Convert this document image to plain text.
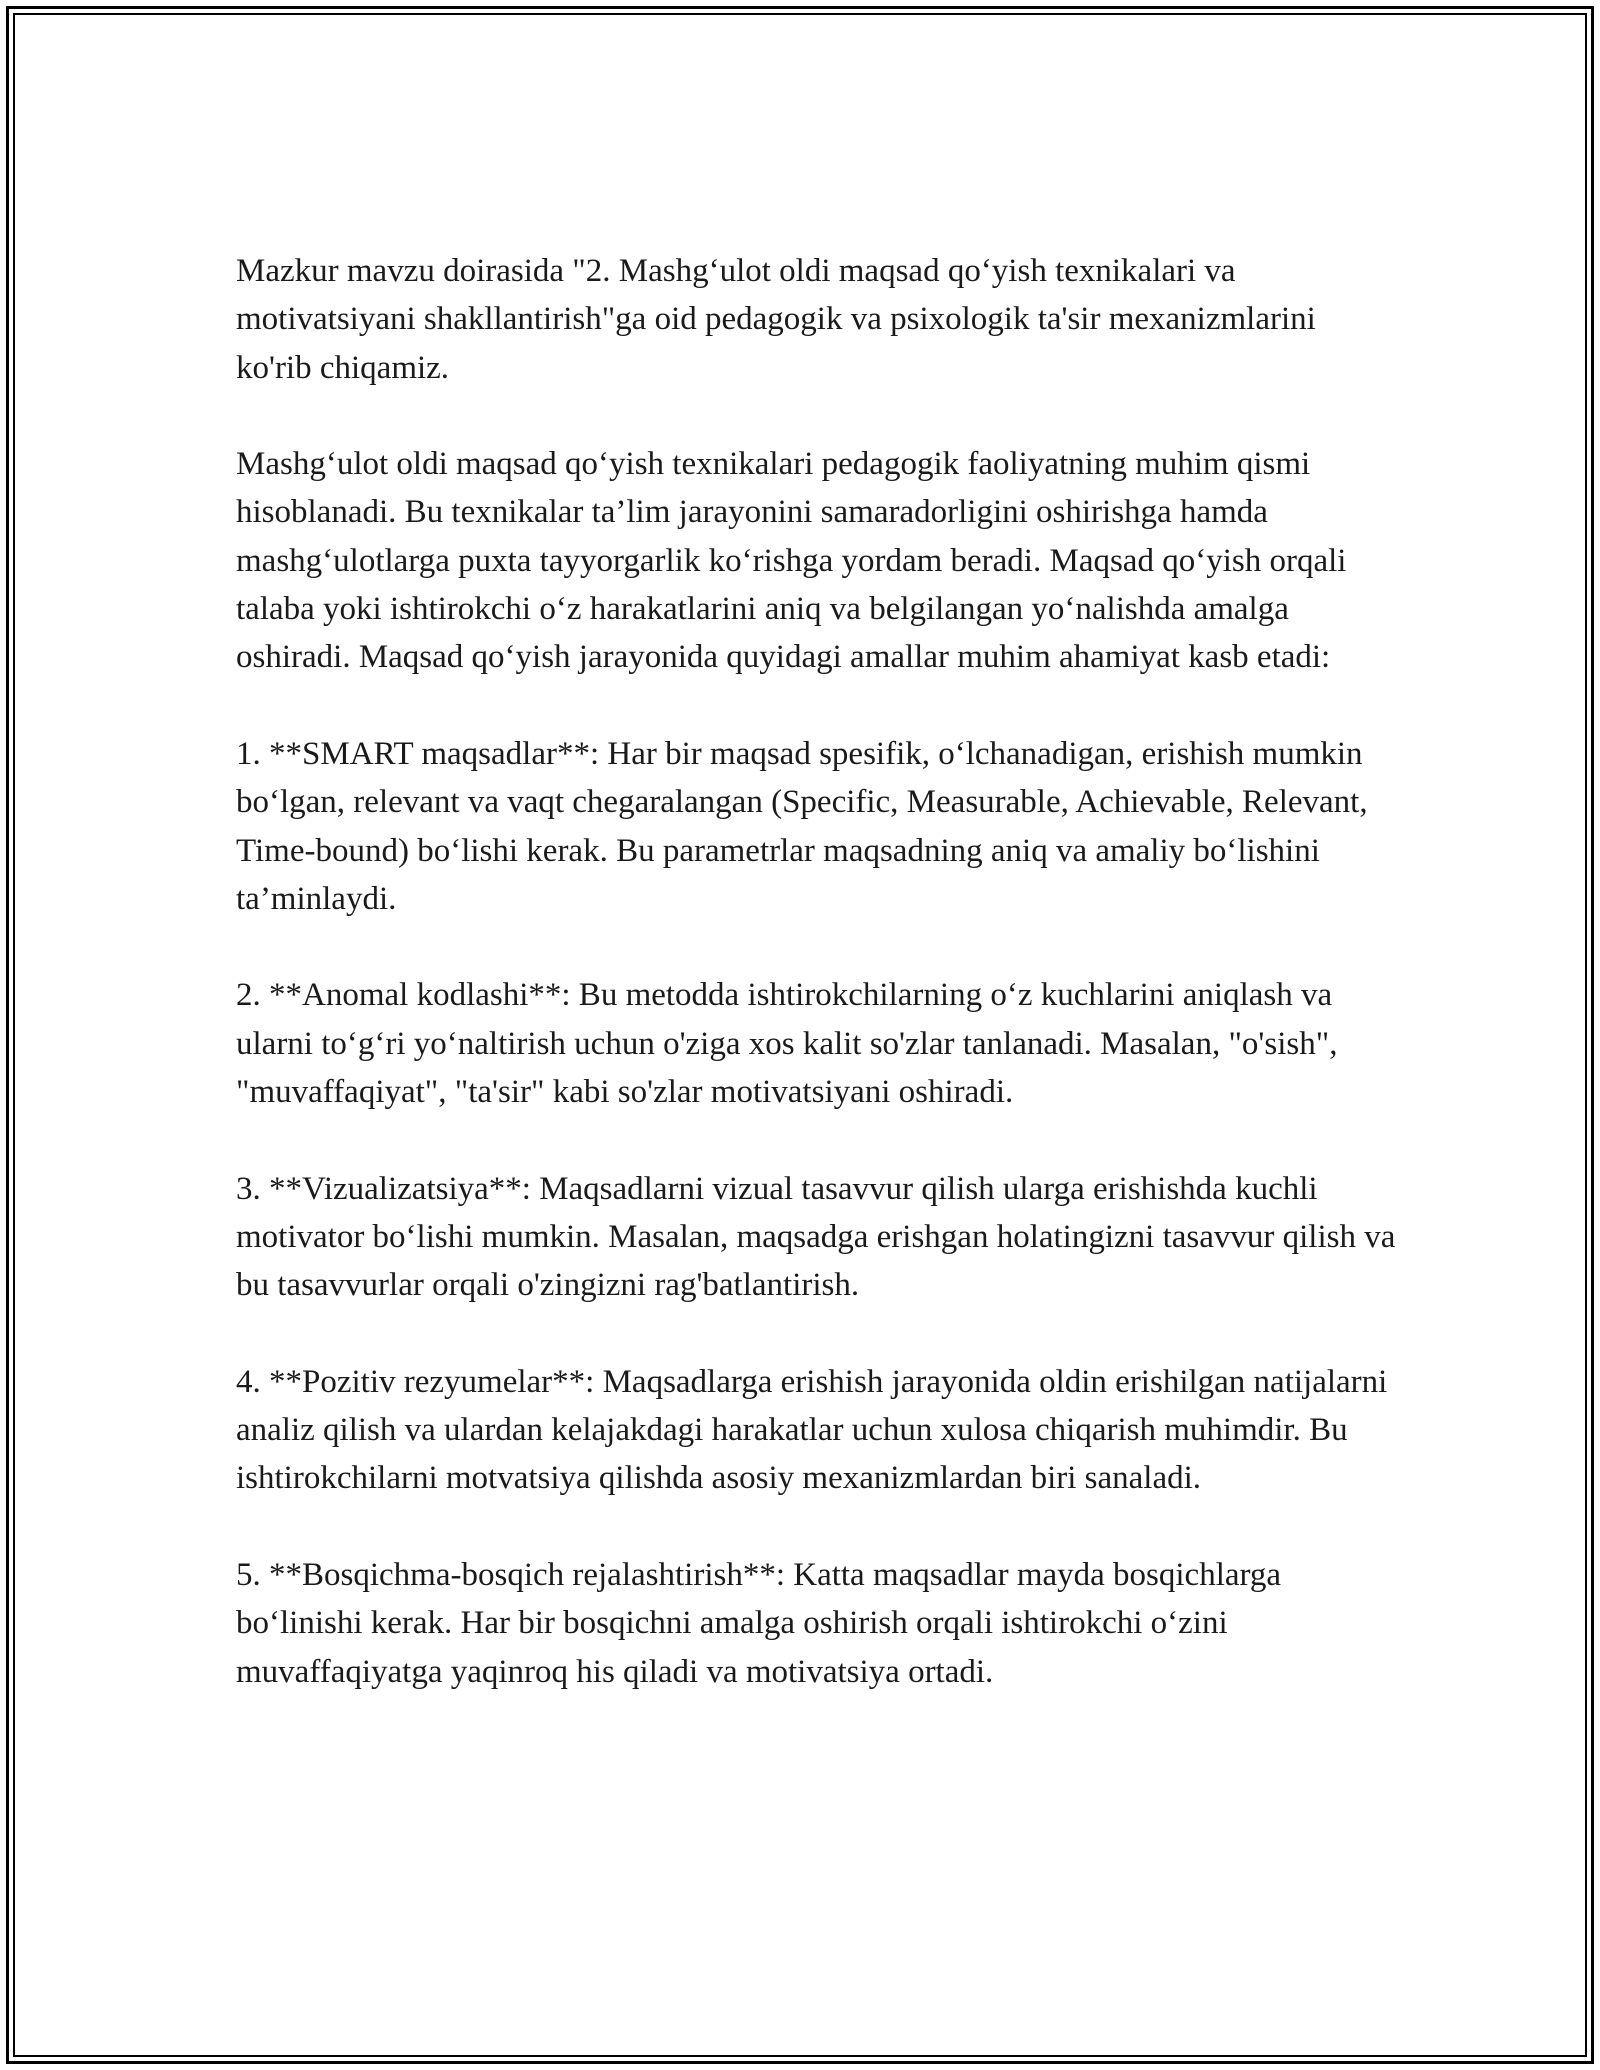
Mazkur mavzu doirasida "2. Mashg‘ulot oldi maqsad qo‘yish texnikalari va motivatsiyani shakllantirish"ga oid pedagogik va psixologik ta'sir mexanizmlarini ko'rib chiqamiz.

Mashg‘ulot oldi maqsad qo‘yish texnikalari pedagogik faoliyatning muhim qismi hisoblanadi. Bu texnikalar ta’lim jarayonini samaradorligini oshirishga hamda mashg‘ulotlarga puxta tayyorgarlik ko‘rishga yordam beradi. Maqsad qo‘yish orqali talaba yoki ishtirokchi o‘z harakatlarini aniq va belgilangan yo‘nalishda amalga oshiradi. Maqsad qo‘yish jarayonida quyidagi amallar muhim ahamiyat kasb etadi:

1. **SMART maqsadlar**: Har bir maqsad spesifik, o‘lchanadigan, erishish mumkin bo‘lgan, relevant va vaqt chegaralangan (Specific, Measurable, Achievable, Relevant, Time-bound) bo‘lishi kerak. Bu parametrlar maqsadning aniq va amaliy bo‘lishini ta’minlaydi.

2. **Anomal kodlashi**: Bu metodda ishtirokchilarning o‘z kuchlarini aniqlash va ularni to‘g‘ri yo‘naltirish uchun o'ziga xos kalit so'zlar tanlanadi. Masalan, "o'sish", "muvaffaqiyat", "ta'sir" kabi so'zlar motivatsiyani oshiradi.

3. **Vizualizatsiya**: Maqsadlarni vizual tasavvur qilish ularga erishishda kuchli motivator bo‘lishi mumkin. Masalan, maqsadga erishgan holatingizni tasavvur qilish va bu tasavvurlar orqali o'zingizni rag'batlantirish.

4. **Pozitiv rezyumelar**: Maqsadlarga erishish jarayonida oldin erishilgan natijalarni analiz qilish va ulardan kelajakdagi harakatlar uchun xulosa chiqarish muhimdir. Bu ishtirokchilarni motvatsiya qilishda asosiy mexanizmlardan biri sanaladi.

5. **Bosqichma-bosqich rejalashtirish**: Katta maqsadlar mayda bosqichlarga bo‘linishi kerak. Har bir bosqichni amalga oshirish orqali ishtirokchi o‘zini muvaffaqiyatga yaqinroq his qiladi va motivatsiya ortadi.
